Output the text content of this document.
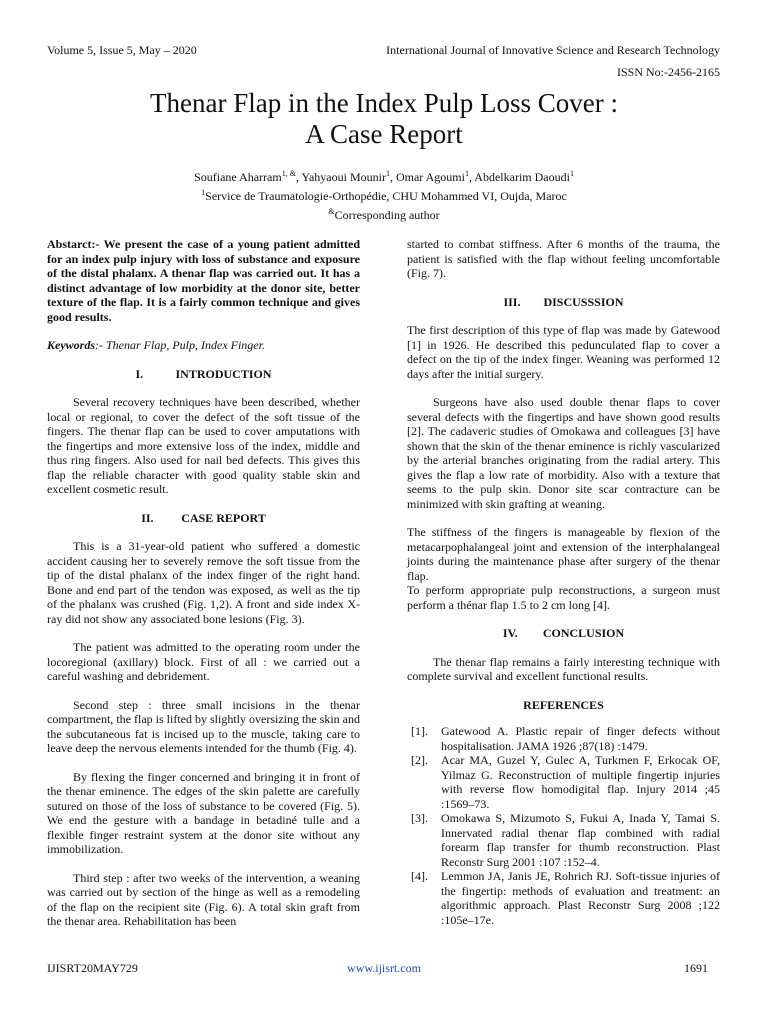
Volume 5, Issue 5, May – 2020	International Journal of Innovative Science and Research Technology
ISSN No:-2456-2165
Thenar Flap in the Index Pulp Loss Cover :
A Case Report
Soufiane Aharram$^{1, \&}$, Yahyaoui Mounir$^1$, Omar Agoumi$^1$, Abdelkarim Daoudi$^1$
$^1$Service de Traumatologie-Orthopédie, CHU Mohammed VI, Oujda, Maroc
&Corresponding author

Abstarct:- We present the case of a young patient admitted for an index pulp injury with loss of substance and exposure of the distal phalanx. A thenar flap was carried out. It has a distinct advantage of low morbidity at the donor site, better texture of the flap. It is a fairly common technique and gives good results.

Keywords:- Thenar Flap, Pulp, Index Finger.

I.	INTRODUCTION

Several recovery techniques have been described, whether local or regional, to cover the defect of the soft tissue of the fingers. The thenar flap can be used to cover amputations with the fingertips and more extensive loss of the index, middle and thus ring fingers. Also used for nail bed defects. This gives this flap the reliable character with good quality stable skin and excellent cosmetic result.

II. CASE REPORT

This is a 31-year-old patient who suffered a domestic accident causing her to severely remove the soft tissue from the tip of the distal phalanx of the index finger of the right hand. Bone and end part of the tendon was exposed, as well as the tip of the phalanx was crushed (Fig. 1,2). A front and side index X-ray did not show any associated bone lesions (Fig. 3).

The patient was admitted to the operating room under the locoregional (axillary) block. First of all : we carried out a careful washing and debridement.

Second step : three small incisions in the thenar compartment, the flap is lifted by slightly oversizing the skin and the subcutaneous fat is incised up to the muscle, taking care to leave deep the nervous elements intended for the thumb (Fig. 4).

By flexing the finger concerned and bringing it in front of the thenar eminence. The edges of the skin palette are carefully sutured on those of the loss of substance to be covered (Fig. 5). We end the gesture with a bandage in betadiné tulle and a flexible finger restraint system at the donor site without any immobilization.

Third step : after two weeks of the intervention, a weaning was carried out by section of the hinge as well as a remodeling of the flap on the recipient site (Fig. 6). A total skin graft from the thenar area. Rehabilitation has been

started to combat stiffness. After 6 months of the trauma, the patient is satisfied with the flap without feeling uncomfortable (Fig. 7).

III. DISCUSSSION

The first description of this type of flap was made by Gatewood [1] in 1926. He described this pedunculated flap to cover a defect on the tip of the index finger. Weaning was performed 12 days after the initial surgery.

Surgeons have also used double thenar flaps to cover several defects with the fingertips and have shown good results [2]. The cadaveric studies of Omokawa and colleagues [3] have shown that the skin of the thenar eminence is richly vascularized by the arterial branches originating from the radial artery. This gives the flap a low rate of morbidity. Also with a texture that seems to the pulp skin. Donor site scar contracture can be minimized with skin grafting at weaning.

The stiffness of the fingers is manageable by flexion of the metacarpophalangeal joint and extension of the interphalangeal joints during the maintenance phase after surgery of the thenar flap.

To perform appropriate pulp reconstructions, a surgeon must perform a thénar flap 1.5 to 2 cm long [4].

IV. CONCLUSION

The thenar flap remains a fairly interesting technique with complete survival and excellent functional results.

REFERENCES
[1].	Gatewood A. Plastic repair of finger defects without hospitalisation. JAMA 1926 ;87(18) :1479.
[2].	Acar MA, Guzel Y, Gulec A, Turkmen F, Erkocak OF, Yilmaz G. Reconstruction of multiple fingertip injuries with reverse flow homodigital flap. Injury 2014 ;45 :1569–73.
[3].	Omokawa S, Mizumoto S, Fukui A, Inada Y, Tamai S. Innervated radial thenar flap combined with radial forearm flap transfer for thumb reconstruction. Plast Reconstr Surg 2001 :107 :152–4.
[4].	Lemmon JA, Janis JE, Rohrich RJ. Soft-tissue injuries of the fingertip: methods of evaluation and treatment: an algorithmic approach. Plast Reconstr Surg 2008 ;122 :105e–17e.
IJISRT20MAY729	www.ijisrt.com	1691
